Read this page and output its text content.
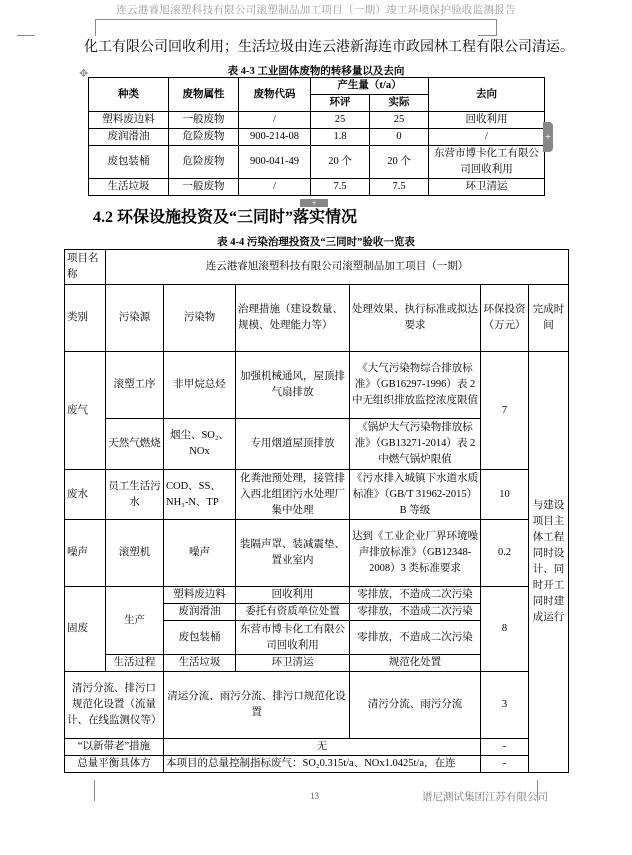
连云港睿旭滚塑科技有限公司滚塑制品加工项目（一期）竣工环境保护验收监测报告

化工有限公司回收利用；生活垃圾由连云港新海连市政园林工程有限公司清运。

✥	表 4-3 工业固体废物的转移量以及去向
种类	废物属性	废物代码	产生量（t/a）		去向
			环评	实际	
塑料废边料	一般废物	/	25	25	回收利用
废润滑油	危险废物	900-214-08	1.8	0	/
废包装桶	危险废物	900-041-49	20 个	20 个	东营市博卡化工有限公司回收利用
生活垃圾	一般废物	/	7.5	7.5	环卫清运
+
+
4.2 环保设施投资及“三同时”落实情况
表 4-4 污染治理投资及“三同时”验收一览表
项目名称	连云港睿旭滚塑科技有限公司滚塑制品加工项目（一期）					
类别	污染源	污染物	治理措施（建设数量、规模、处理能力等）	处理效果、执行标准或拟达要求	环保投资（万元）	完成时间
废气	滚塑工序	非甲烷总烃	加强机械通风，屋顶排气扇排放	《大气污染物综合排放标准》（GB16297-1996）表 2 中无组织排放监控浓度限值	7	与建设项目主体工程同时设计、同时开工同时建成运行
	天然气燃烧	烟尘、SO₂、NOx	专用烟道屋顶排放	《锅炉大气污染物排放标准》（GB13271-2014）表 2 中燃气锅炉限值		
废水	员工生活污水	COD、SS、NH₃-N、TP	化粪池预处理，接管排入西北组团污水处理厂集中处理	《污水排入城镇下水道水质标准》（GB/T 31962-2015）B 等级	10	
噪声	滚塑机	噪声	装隔声罩、装减震垫、置业室内	达到《工业企业厂界环境噪声排放标准》（GB12348-2008）3 类标准要求	0.2	
固废	生产	塑料废边料	回收利用	零排放，不造成二次污染	8	
		废润滑油	委托有资质单位处置	零排放，不造成二次污染		
		废包装桶	东营市博卡化工有限公司回收利用	零排放，不造成二次污染		
	生活过程	生活垃圾	环卫清运	规范化处置		
清污分流、排污口规范化设置（流量计、在线监测仪等）		清运分流、雨污分流、排污口规范化设置		清污分流、雨污分流	3	
“以新带老”措施		无			-	
总量平衡具体方		本项目的总量控制指标废气：SO₂0.315t/a、NOx1.0425t/a，在连			-	
13	谱尼测试集团江苏有限公司
